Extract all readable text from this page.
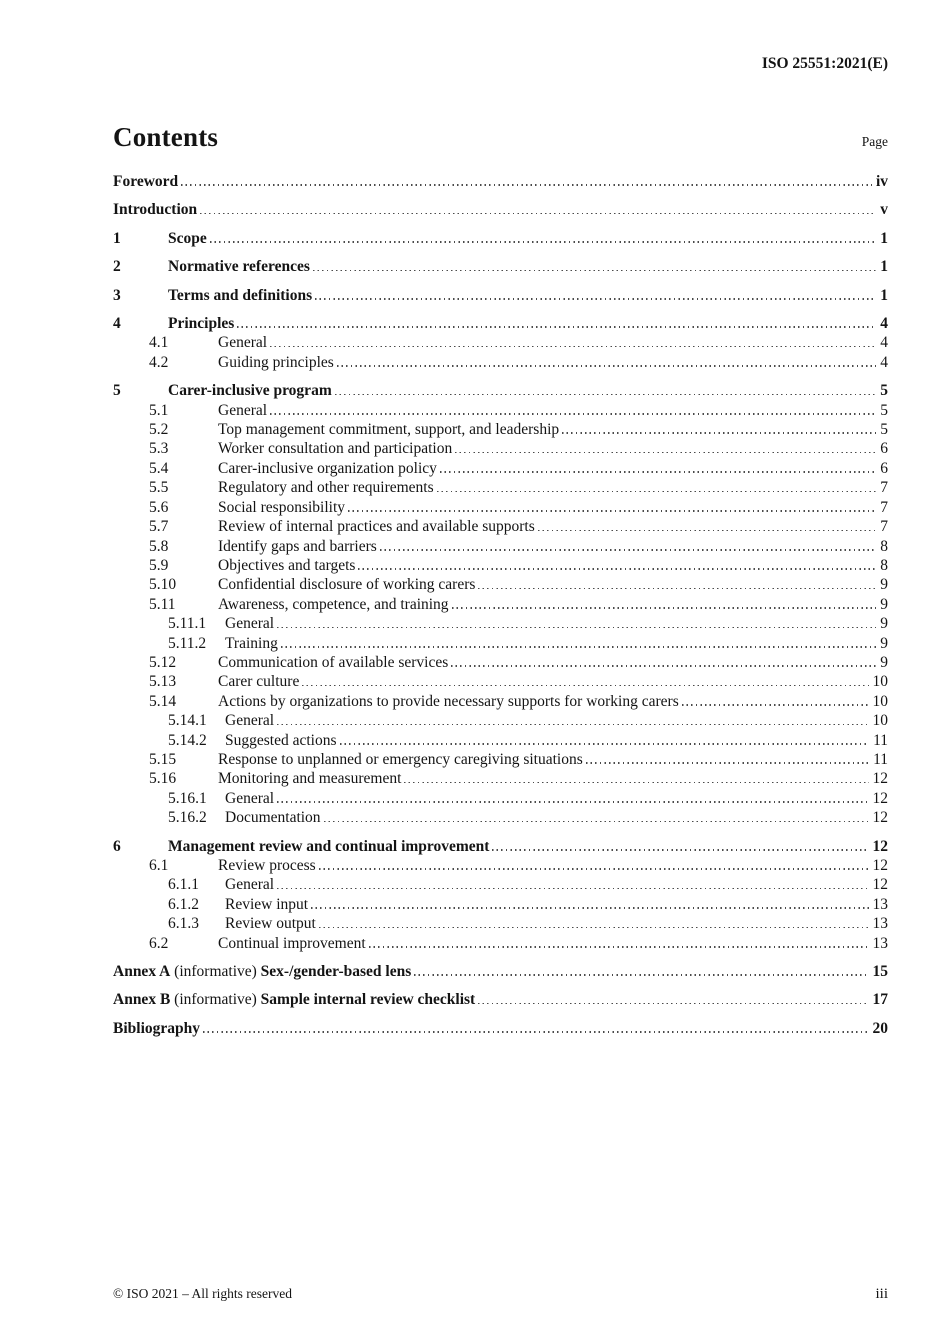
ISO 25551:2021(E)
Contents	Page
Foreword	iv
Introduction	v
1	Scope	1
2	Normative references	1
3	Terms and definitions	1
4	Principles	4
4.1	General	4
4.2	Guiding principles	4
5	Carer-inclusive program	5
5.1	General	5
5.2	Top management commitment, support, and leadership	5
5.3	Worker consultation and participation	6
5.4	Carer-inclusive organization policy	6
5.5	Regulatory and other requirements	7
5.6	Social responsibility	7
5.7	Review of internal practices and available supports	7
5.8	Identify gaps and barriers	8
5.9	Objectives and targets	8
5.10	Confidential disclosure of working carers	9
5.11	Awareness, competence, and training	9
5.11.1	General	9
5.11.2	Training	9
5.12	Communication of available services	9
5.13	Carer culture	10
5.14	Actions by organizations to provide necessary supports for working carers	10
5.14.1	General	10
5.14.2	Suggested actions	11
5.15	Response to unplanned or emergency caregiving situations	11
5.16	Monitoring and measurement	12
5.16.1	General	12
5.16.2	Documentation	12
6	Management review and continual improvement	12
6.1	Review process	12
6.1.1	General	12
6.1.2	Review input	13
6.1.3	Review output	13
6.2	Continual improvement	13
Annex A (informative) Sex-/gender-based lens	15
Annex B (informative) Sample internal review checklist	17
Bibliography	20
© ISO 2021 – All rights reserved	iii
